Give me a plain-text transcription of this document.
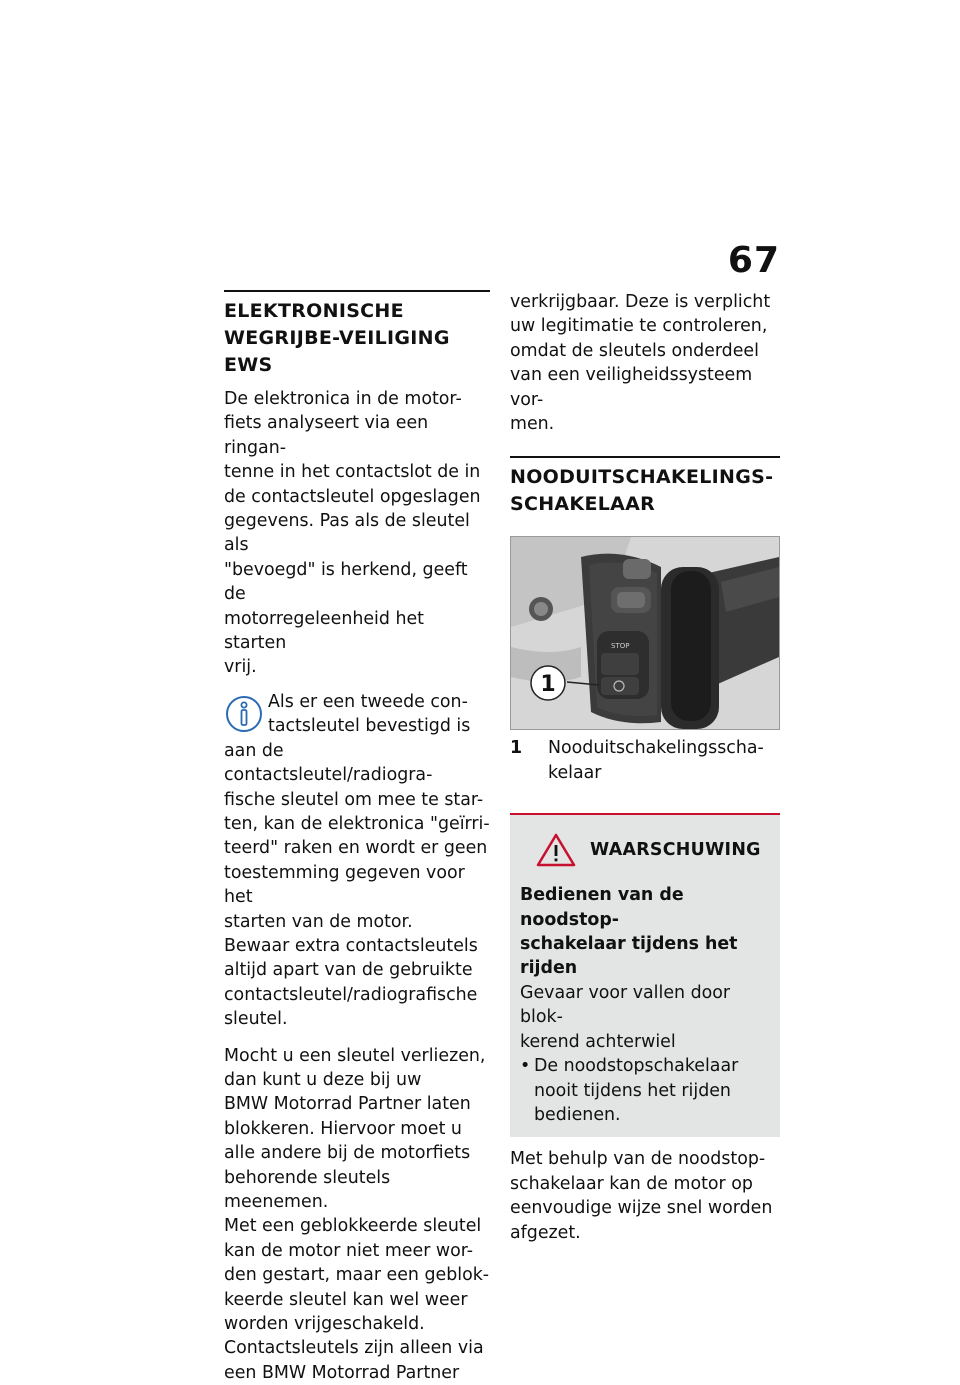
67
ELEKTRONISCHE WEGRIJBE-VEILIGING EWS

De elektronica in de motor-

fiets analyseert via een ringan-

tenne in het contactslot de in

de contactsleutel opgeslagen

gegevens. Pas als de sleutel als

"bevoegd" is herkend, geeft de

motorregeleenheid het starten

vrij.

Als er een tweede con-

tactsleutel bevestigd is

aan de contactsleutel/radiogra-

fische sleutel om mee te star-

ten, kan de elektronica "geïrri-

teerd" raken en wordt er geen

toestemming gegeven voor het

starten van de motor.

Bewaar extra contactsleutels

altijd apart van de gebruikte

contactsleutel/radiografische

sleutel.

Mocht u een sleutel verliezen,

dan kunt u deze bij uw

BMW Motorrad Partner laten

blokkeren. Hiervoor moet u

alle andere bij de motorfiets

behorende sleutels meenemen.

Met een geblokkeerde sleutel

kan de motor niet meer wor-

den gestart, maar een geblok-

keerde sleutel kan wel weer

worden vrijgeschakeld.

Contactsleutels zijn alleen via

een BMW Motorrad Partner

verkrijgbaar. Deze is verplicht

uw legitimatie te controleren,

omdat de sleutels onderdeel

van een veiligheidssysteem vor-

men.

NOODUITSCHAKELINGS-SCHAKELAAR
STOP
1
1	Nooduitschakelingsscha-
kelaar
WAARSCHUWING
Bedienen van de noodstop-
schakelaar tijdens het rijden

Gevaar voor vallen door blok-

kerend achterwiel

• De noodstopschakelaar
nooit tijdens het rijden
bedienen.

Met behulp van de noodstop-

schakelaar kan de motor op

eenvoudige wijze snel worden

afgezet.
